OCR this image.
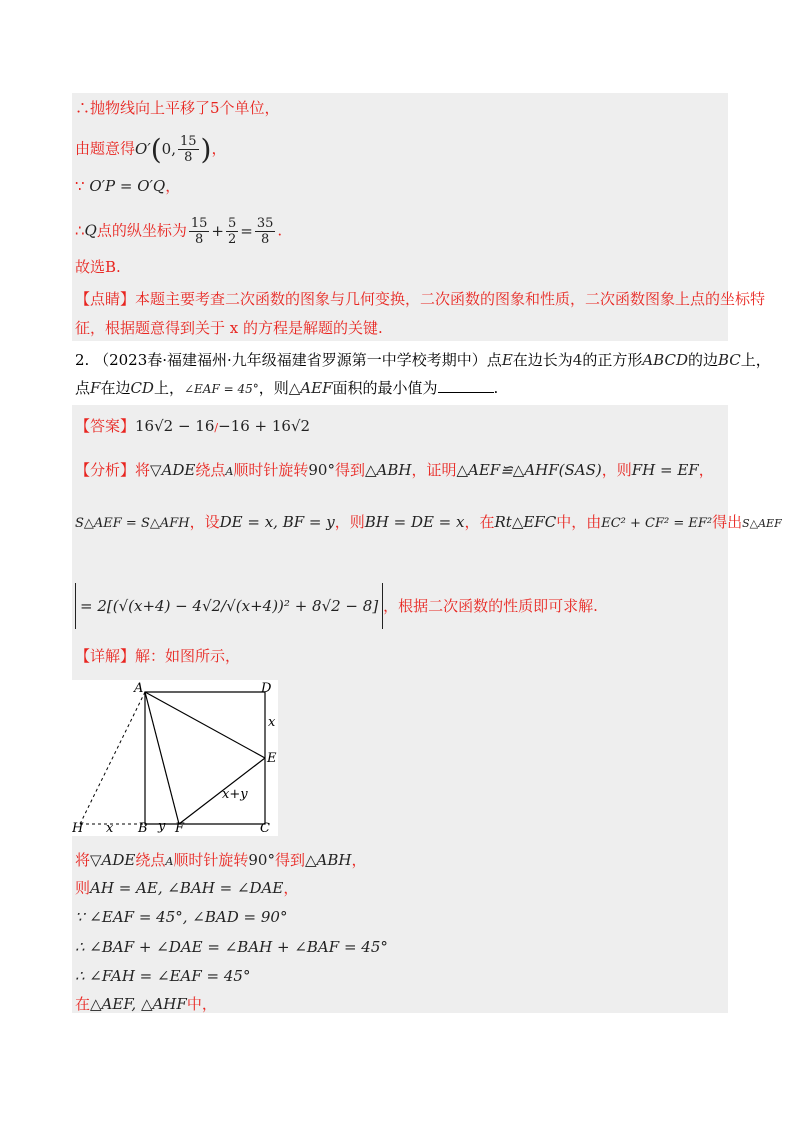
∴抛物线向上平移了5个单位，
由题意得O′(0, $\frac{15}{8}$ )，
∵ O′P = O′Q，
∴Q点的纵坐标为 $\frac{15}{8} + \frac{5}{2} = \frac{35}{8}$ .
故选B.
【点睛】本题主要考查二次函数的图象与几何变换，二次函数的图象和性质，二次函数图象上点的坐标特
征，根据题意得到关于 x 的方程是解题的关键.
2. （2023春·福建福州·九年级福建省罗源第一中学校考期中）点E在边长为4的正方形ABCD的边BC上，
点F在边CD上，∠EAF = 45°，则△AEF面积的最小值为	.
【答案】16√2 − 16/−16 + 16√2
【分析】将▽ADE绕点A顺时针旋转90°得到△ABH，证明△AEF≌△AHF(SAS)，则FH = EF，
S△AEF = S△AFH，设DE = x, BF = y，则BH = DE = x，在Rt△EFC中，由EC² + CF² = EF²得出S△AEF
= 2[(√(x+4) − 4√2/√(x+4))² + 8√2 − 8] ，根据二次函数的性质即可求解.
【详解】解：如图所示，
A	D
E
H	B F	C
x
x	y
x+y
将▽ADE绕点A顺时针旋转90°得到△ABH，
则AH = AE, ∠BAH = ∠DAE，
∵ ∠EAF = 45°, ∠BAD = 90°
∴ ∠BAF + ∠DAE = ∠BAH + ∠BAF = 45°
∴ ∠FAH = ∠EAF = 45°
在△AEF, △AHF中，
